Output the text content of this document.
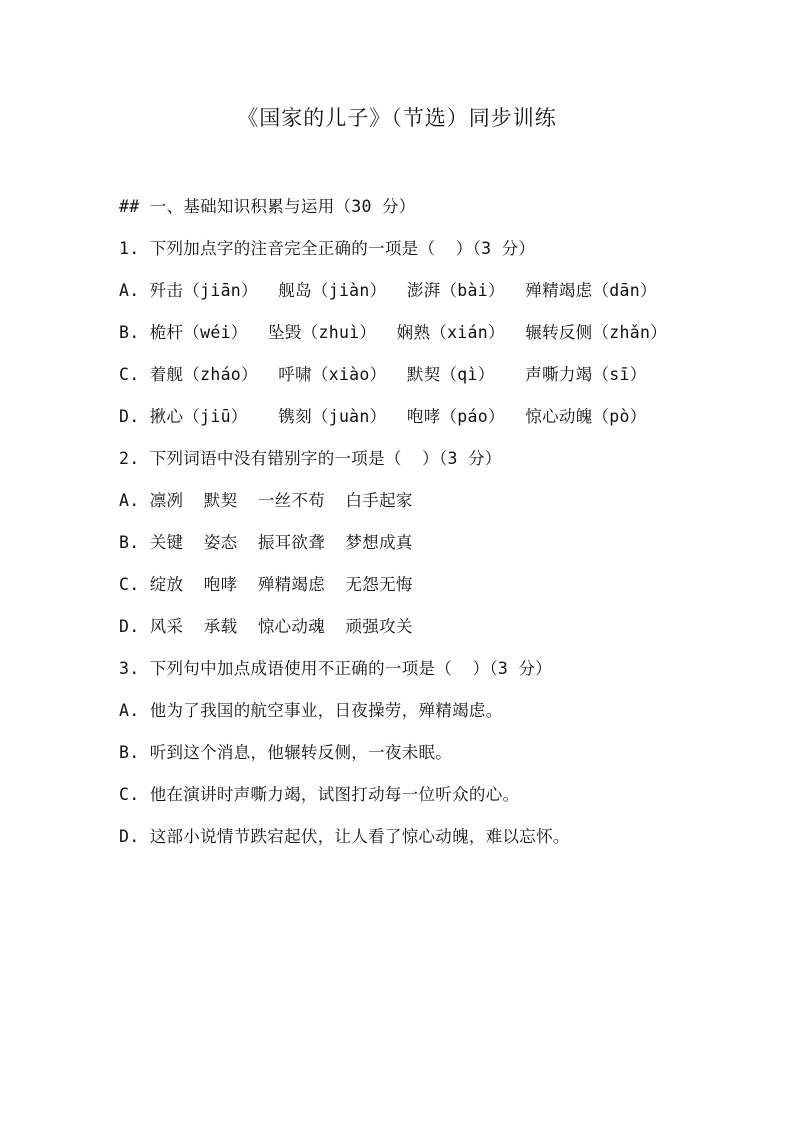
《国家的儿子》（节选）同步训练
## 一、基础知识积累与运用（30 分）
1. 下列加点字的注音完全正确的一项是（  ）（3 分）
A. 歼击（jiān）  舰岛（jiàn）  澎湃（bài）  殚精竭虑（dān）
B. 桅杆（wéi）  坠毁（zhuì）  娴熟（xián）  辗转反侧（zhǎn）
C. 着舰（zháo）  呼啸（xiào）  默契（qì）   声嘶力竭（sī）
D. 揪心（jiū）   镌刻（juàn）  咆哮（páo）  惊心动魄（pò）
2. 下列词语中没有错别字的一项是（  ）（3 分）
A. 凛冽  默契  一丝不苟  白手起家
B. 关键  姿态  振耳欲聋  梦想成真
C. 绽放  咆哮  殚精竭虑  无怨无悔
D. 风采  承载  惊心动魂  顽强攻关
3. 下列句中加点成语使用不正确的一项是（  ）（3 分）
A. 他为了我国的航空事业，日夜操劳，殚精竭虑。
B. 听到这个消息，他辗转反侧，一夜未眠。
C. 他在演讲时声嘶力竭，试图打动每一位听众的心。
D. 这部小说情节跌宕起伏，让人看了惊心动魄，难以忘怀。
